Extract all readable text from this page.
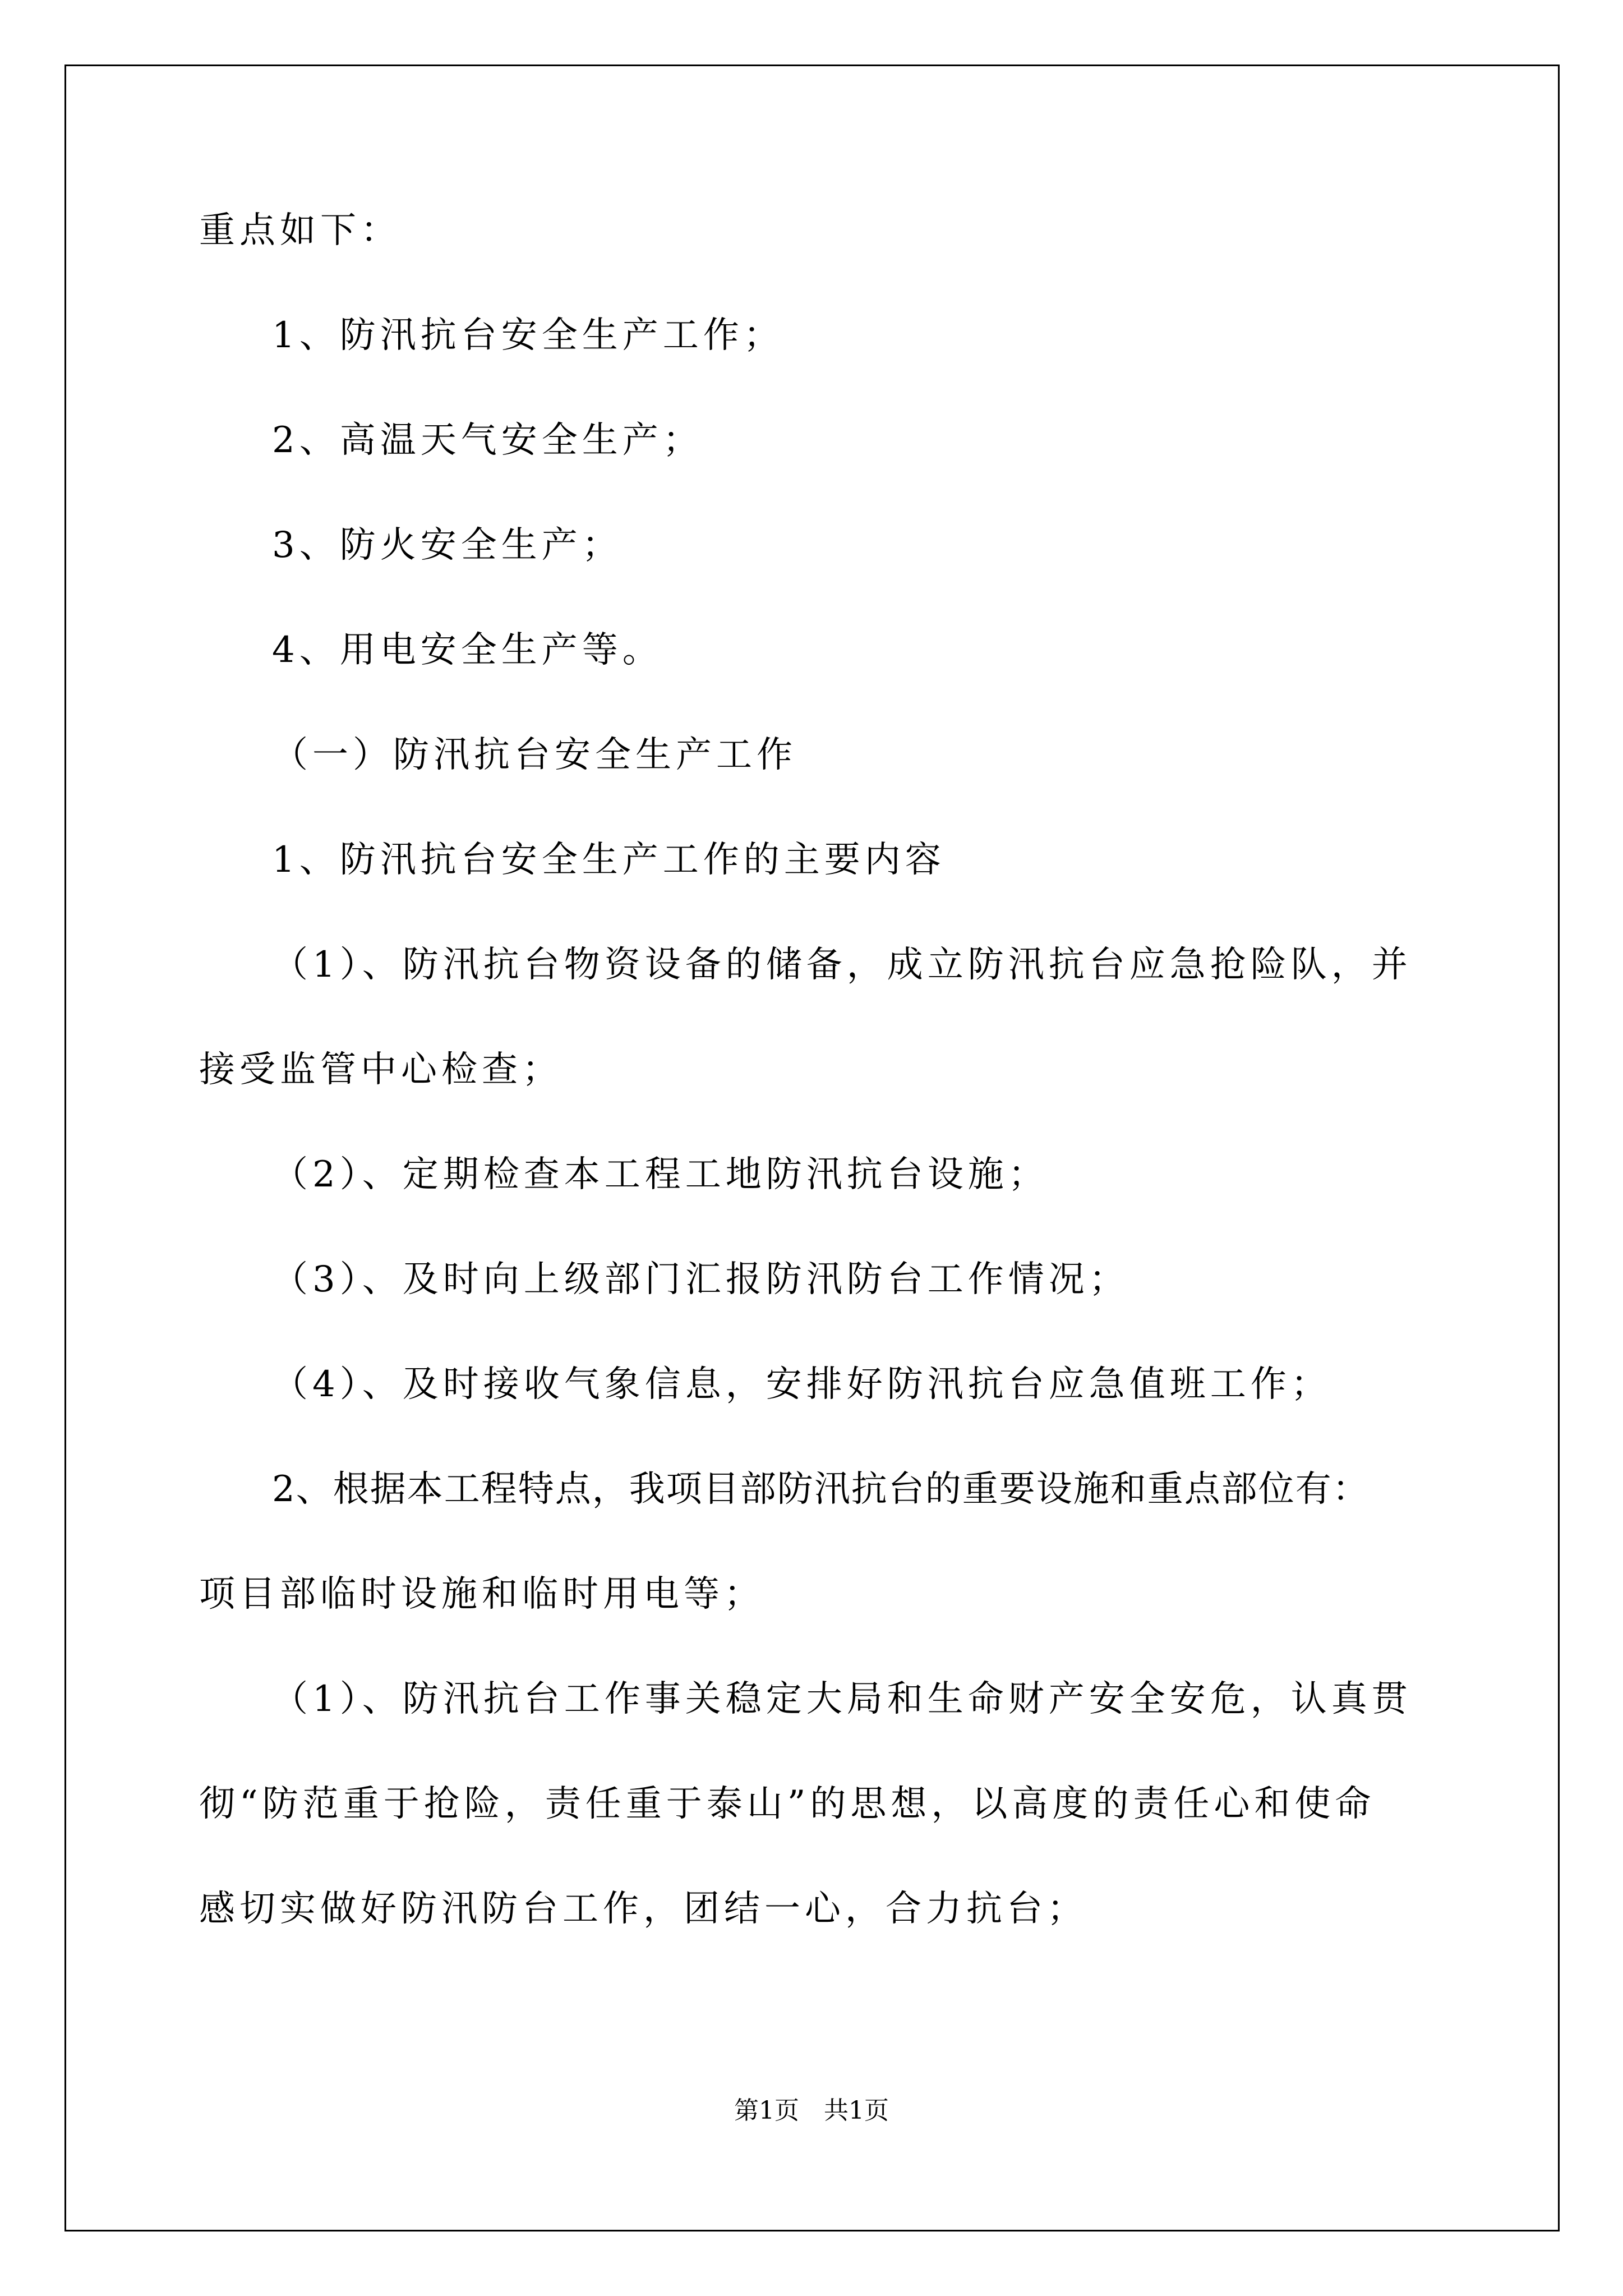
重点如下：
1、防汛抗台安全生产工作；
2、高温天气安全生产；
3、防火安全生产；
4、用电安全生产等。
（一）防汛抗台安全生产工作
1、防汛抗台安全生产工作的主要内容
（1）、防汛抗台物资设备的储备，成立防汛抗台应急抢险队，并
接受监管中心检查；
（2）、定期检查本工程工地防汛抗台设施；
（3）、及时向上级部门汇报防汛防台工作情况；
（4）、及时接收气象信息，安排好防汛抗台应急值班工作；
2、根据本工程特点，我项目部防汛抗台的重要设施和重点部位有：
项目部临时设施和临时用电等；
（1）、防汛抗台工作事关稳定大局和生命财产安全安危，认真贯
彻“防范重于抢险，责任重于泰山”的思想，以高度的责任心和使命
感切实做好防汛防台工作，团结一心，合力抗台；
第1页　共1页
